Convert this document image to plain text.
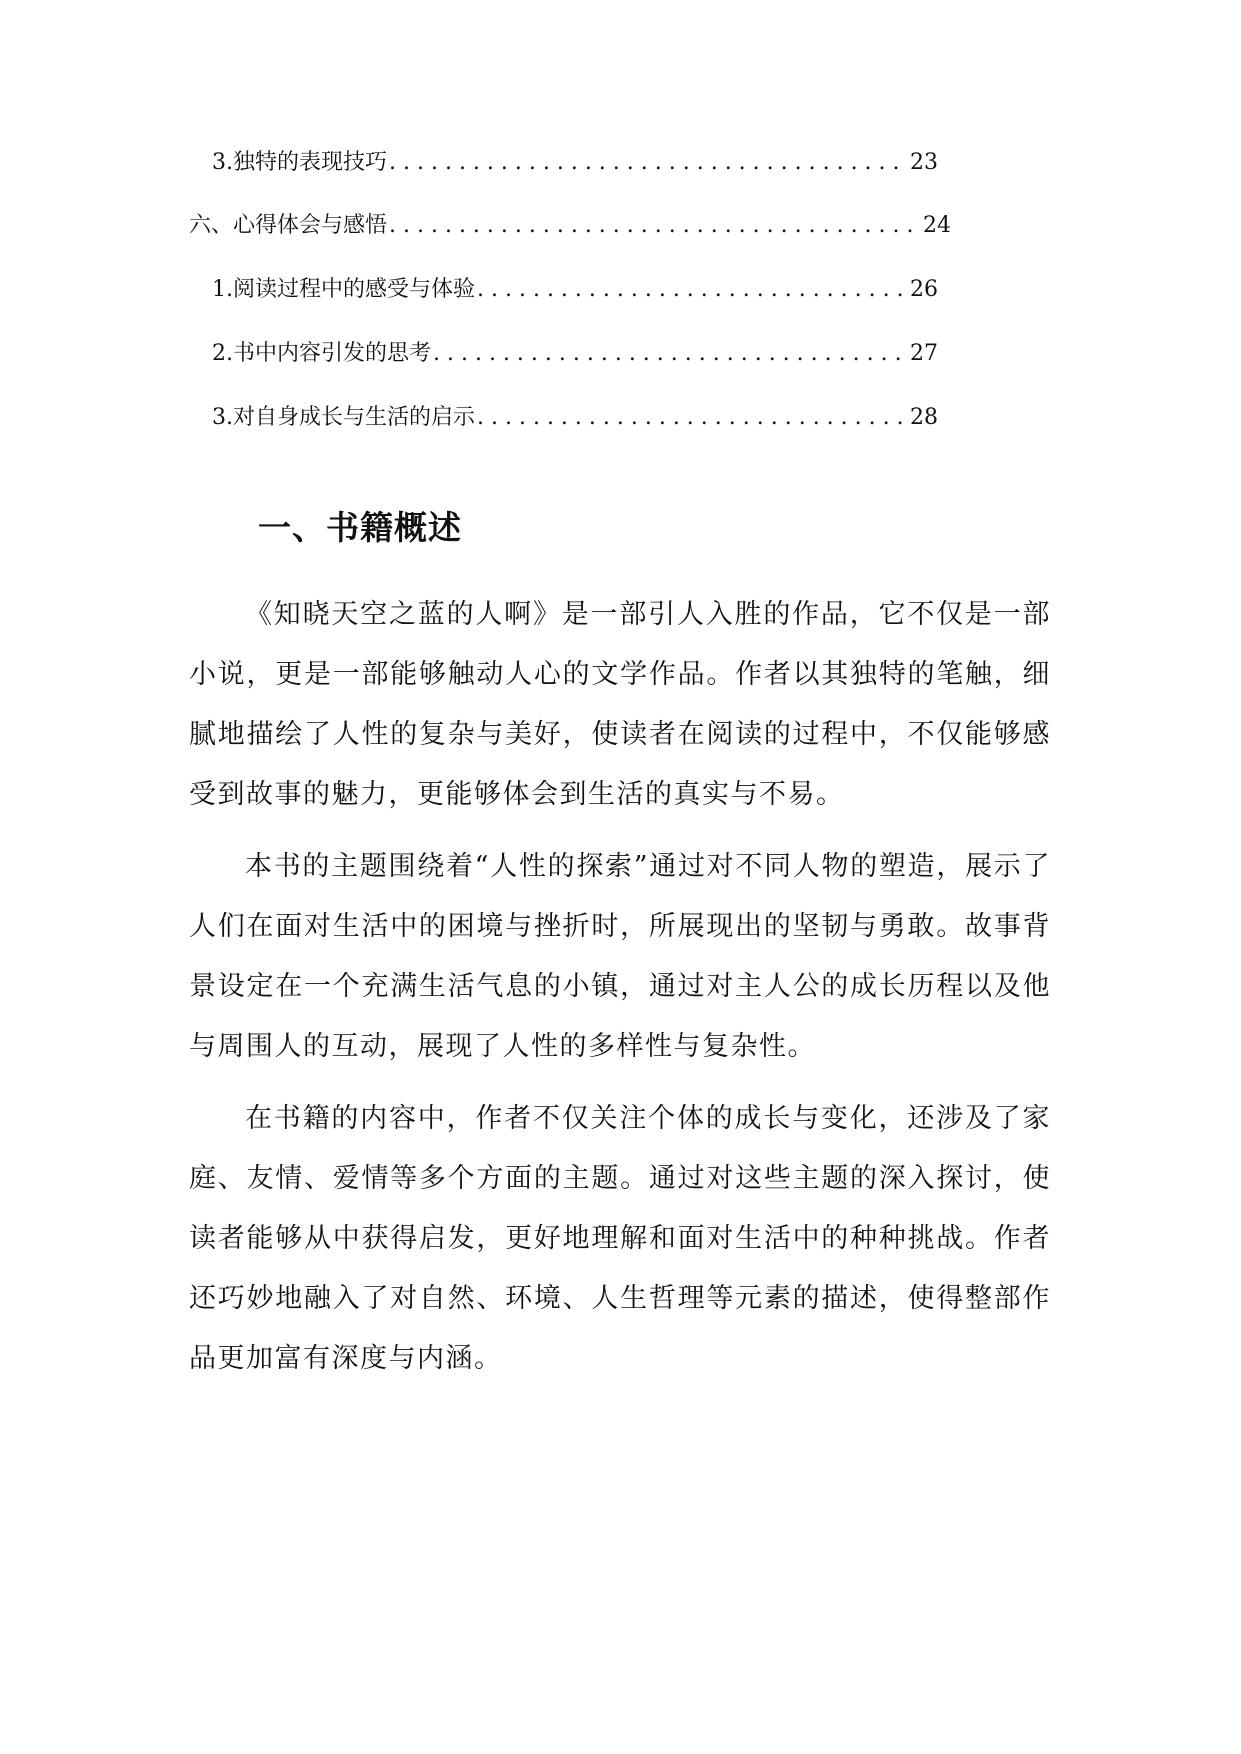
3. 独特的表现技巧 . . .	23
六、心得体会与感悟 . . .	24
1. 阅读过程中的感受与体验 . . .	26
2. 书中内容引发的思考 . . .	27
3. 对自身成长与生活的启示 . . .	28
一、书籍概述

《知晓天空之蓝的人啊》是一部引人入胜的作品，它不仅是一部小说，更是一部能够触动人心的文学作品。作者以其独特的笔触，细腻地描绘了人性的复杂与美好，使读者在阅读的过程中，不仅能够感受到故事的魅力，更能够体会到生活的真实与不易。

本书的主题围绕着“人性的探索”通过对不同人物的塑造，展示了人们在面对生活中的困境与挫折时，所展现出的坚韧与勇敢。故事背景设定在一个充满生活气息的小镇，通过对主人公的成长历程以及他与周围人的互动，展现了人性的多样性与复杂性。

在书籍的内容中，作者不仅关注个体的成长与变化，还涉及了家庭、友情、爱情等多个方面的主题。通过对这些主题的深入探讨，使读者能够从中获得启发，更好地理解和面对生活中的种种挑战。作者还巧妙地融入了对自然、环境、人生哲理等元素的描述，使得整部作品更加富有深度与内涵。
